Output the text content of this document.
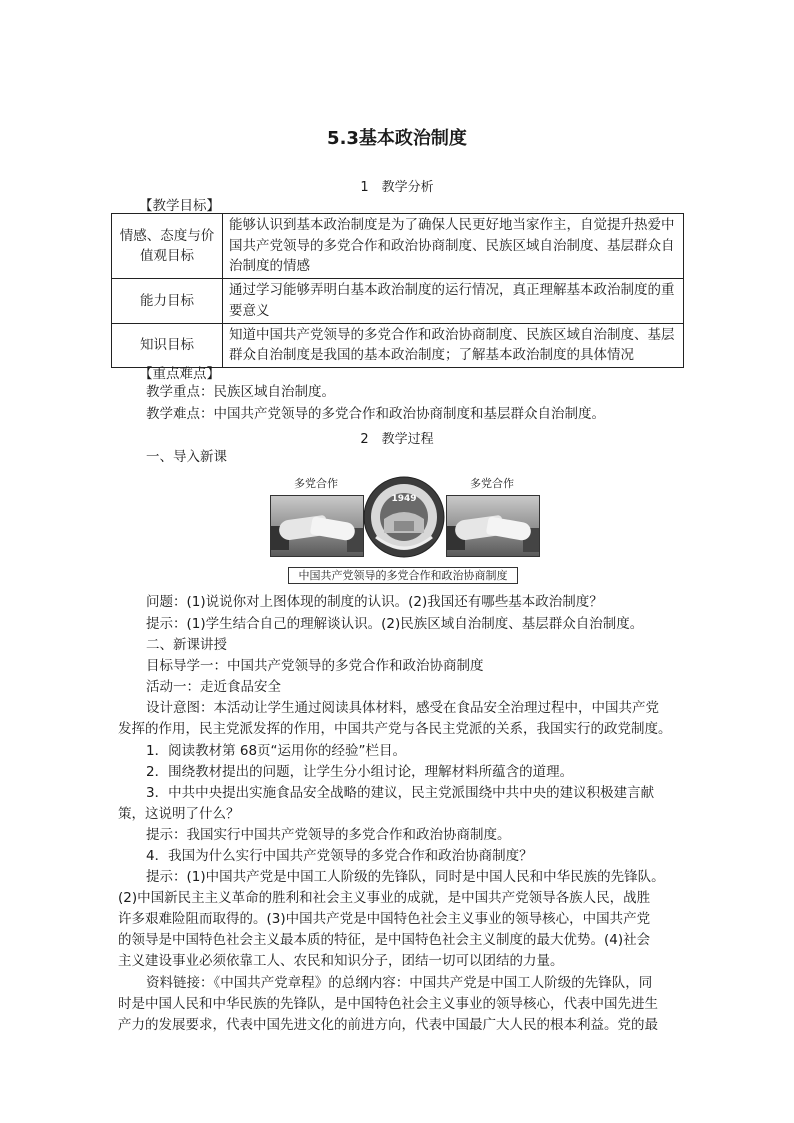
5.3基本政治制度
1　教学分析
【教学目标】
情感、态度与价值观目标	能够认识到基本政治制度是为了确保人民更好地当家作主，自觉提升热爱中国共产党领导的多党合作和政治协商制度、民族区域自治制度、基层群众自治制度的情感
能力目标	通过学习能够弄明白基本政治制度的运行情况，真正理解基本政治制度的重要意义
知识目标	知道中国共产党领导的多党合作和政治协商制度、民族区域自治制度、基层群众自治制度是我国的基本政治制度；了解基本政治制度的具体情况
【重点难点】
教学重点：民族区域自治制度。
教学难点：中国共产党领导的多党合作和政治协商制度和基层群众自治制度。
2　教学过程
一、导入新课
多党合作
1949
多党合作
中国共产党领导的多党合作和政治协商制度
问题：(1)说说你对上图体现的制度的认识。(2)我国还有哪些基本政治制度？
提示：(1)学生结合自己的理解谈认识。(2)民族区域自治制度、基层群众自治制度。
二、新课讲授
目标导学一：中国共产党领导的多党合作和政治协商制度
活动一：走近食品安全
设计意图：本活动让学生通过阅读具体材料，感受在食品安全治理过程中，中国共产党
发挥的作用，民主党派发挥的作用，中国共产党与各民主党派的关系，我国实行的政党制度。
1．阅读教材第 68页“运用你的经验”栏目。
2．围绕教材提出的问题，让学生分小组讨论，理解材料所蕴含的道理。
3．中共中央提出实施食品安全战略的建议，民主党派围绕中共中央的建议积极建言献
策，这说明了什么？
提示：我国实行中国共产党领导的多党合作和政治协商制度。
4．我国为什么实行中国共产党领导的多党合作和政治协商制度？
提示：(1)中国共产党是中国工人阶级的先锋队，同时是中国人民和中华民族的先锋队。
(2)中国新民主主义革命的胜利和社会主义事业的成就，是中国共产党领导各族人民，战胜
许多艰难险阻而取得的。(3)中国共产党是中国特色社会主义事业的领导核心，中国共产党
的领导是中国特色社会主义最本质的特征，是中国特色社会主义制度的最大优势。(4)社会
主义建设事业必须依靠工人、农民和知识分子，团结一切可以团结的力量。
资料链接：《中国共产党章程》的总纲内容：中国共产党是中国工人阶级的先锋队，同
时是中国人民和中华民族的先锋队，是中国特色社会主义事业的领导核心，代表中国先进生
产力的发展要求，代表中国先进文化的前进方向，代表中国最广大人民的根本利益。党的最
